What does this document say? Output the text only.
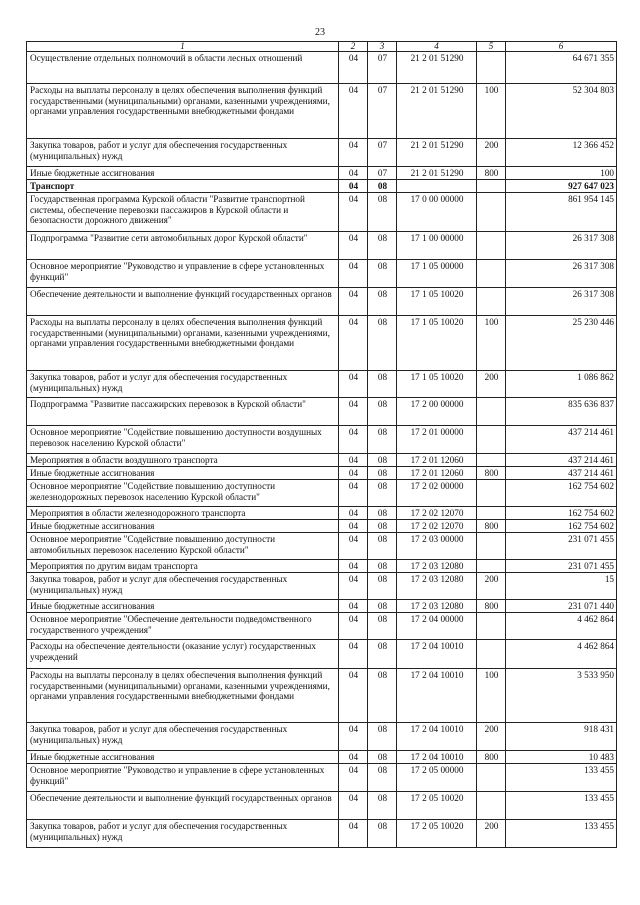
23
1	2	3	4	5	6
Осуществление отдельных полномочий в области лесных отношений	04	07	21 2 01 51290		64 671 355
Расходы на выплаты персоналу в целях обеспечения выполнения функций государственными (муниципальными) органами, казенными учреждениями, органами управления государственными внебюджетными фондами	04	07	21 2 01 51290	100	52 304 803
Закупка товаров, работ и услуг для обеспечения государственных (муниципальных) нужд	04	07	21 2 01 51290	200	12 366 452
Иные бюджетные ассигнования	04	07	21 2 01 51290	800	100
Транспорт	04	08			927 647 023
Государственная программа Курской области "Развитие транспортной системы, обеспечение перевозки пассажиров в Курской области и безопасности дорожного движения"	04	08	17 0 00 00000		861 954 145
Подпрограмма "Развитие сети автомобильных дорог Курской области"	04	08	17 1 00 00000		26 317 308
Основное мероприятие "Руководство и управление в сфере установленных функций"	04	08	17 1 05 00000		26 317 308
Обеспечение деятельности и выполнение функций государственных органов	04	08	17 1 05 10020		26 317 308
Расходы на выплаты персоналу в целях обеспечения выполнения функций государственными (муниципальными) органами, казенными учреждениями, органами управления государственными внебюджетными фондами	04	08	17 1 05 10020	100	25 230 446
Закупка товаров, работ и услуг для обеспечения государственных (муниципальных) нужд	04	08	17 1 05 10020	200	1 086 862
Подпрограмма "Развитие пассажирских перевозок в Курской области"	04	08	17 2 00 00000		835 636 837
Основное мероприятие "Содействие повышению доступности воздушных перевозок населению Курской области"	04	08	17 2 01 00000		437 214 461
Мероприятия в области воздушного транспорта	04	08	17 2 01 12060		437 214 461
Иные бюджетные ассигнования	04	08	17 2 01 12060	800	437 214 461
Основное мероприятие "Содействие повышению доступности железнодорожных перевозок населению Курской области"	04	08	17 2 02 00000		162 754 602
Мероприятия в области железнодорожного транспорта	04	08	17 2 02 12070		162 754 602
Иные бюджетные ассигнования	04	08	17 2 02 12070	800	162 754 602
Основное мероприятие "Содействие повышению доступности автомобильных перевозок населению Курской области"	04	08	17 2 03 00000		231 071 455
Мероприятия по другим видам транспорта	04	08	17 2 03 12080		231 071 455
Закупка товаров, работ и услуг для обеспечения государственных (муниципальных) нужд	04	08	17 2 03 12080	200	15
Иные бюджетные ассигнования	04	08	17 2 03 12080	800	231 071 440
Основное мероприятие "Обеспечение деятельности подведомственного государственного учреждения"	04	08	17 2 04 00000		4 462 864
Расходы на обеспечение деятельности (оказание услуг) государственных учреждений	04	08	17 2 04 10010		4 462 864
Расходы на выплаты персоналу в целях обеспечения выполнения функций государственными (муниципальными) органами, казенными учреждениями, органами управления государственными внебюджетными фондами	04	08	17 2 04 10010	100	3 533 950
Закупка товаров, работ и услуг для обеспечения государственных (муниципальных) нужд	04	08	17 2 04 10010	200	918 431
Иные бюджетные ассигнования	04	08	17 2 04 10010	800	10 483
Основное мероприятие "Руководство и управление в сфере установленных функций"	04	08	17 2 05 00000		133 455
Обеспечение деятельности и выполнение функций государственных органов	04	08	17 2 05 10020		133 455
Закупка товаров, работ и услуг для обеспечения государственных (муниципальных) нужд	04	08	17 2 05 10020	200	133 455
